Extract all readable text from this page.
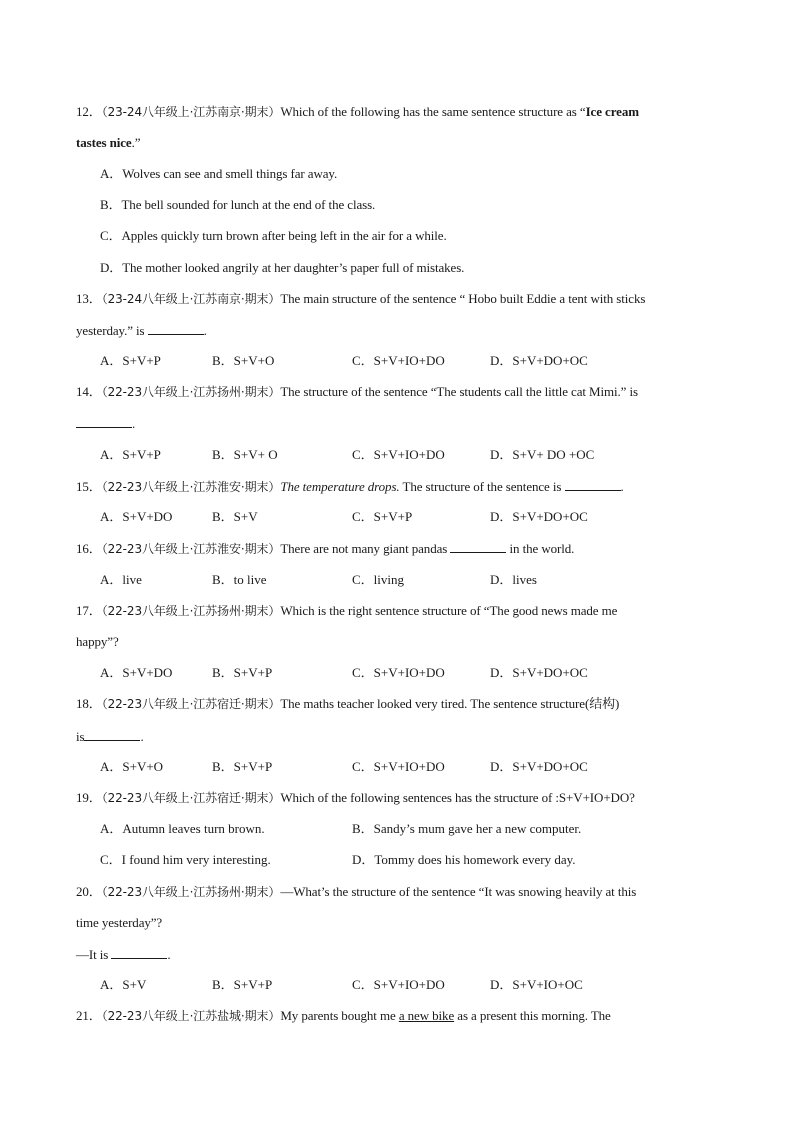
12．（23-24八年级上·江苏南京·期末）Which of the following has the same sentence structure as “Ice cream
tastes nice.”
A．Wolves can see and smell things far away.
B．The bell sounded for lunch at the end of the class.
C．Apples quickly turn brown after being left in the air for a while.
D．The mother looked angrily at her daughter’s paper full of mistakes.
13．（23-24八年级上·江苏南京·期末）The main structure of the sentence “ Hobo built Eddie a tent with sticks
yesterday.” is	.
A．S+V+P	B．S+V+O	C．S+V+IO+DO	D．S+V+DO+OC
14．（22-23八年级上·江苏扬州·期末）The structure of the sentence “The students call the little cat Mimi.” is
.
A．S+V+P	B．S+V+ O	C．S+V+IO+DO	D．S+V+ DO +OC
15．（22-23八年级上·江苏淮安·期末）The temperature drops. The structure of the sentence is	.
A．S+V+DO	B．S+V	C．S+V+P	D．S+V+DO+OC
16．（22-23八年级上·江苏淮安·期末）There are not many giant pandas	in the world.
A．live	B．to live	C．living	D．lives
17．（22-23八年级上·江苏扬州·期末）Which is the right sentence structure of “The good news made me
happy”?
A．S+V+DO	B．S+V+P	C．S+V+IO+DO	D．S+V+DO+OC
18．（22-23八年级上·江苏宿迁·期末）The maths teacher looked very tired. The sentence structure(结构)
is	.
A．S+V+O	B．S+V+P	C．S+V+IO+DO	D．S+V+DO+OC
19．（22-23八年级上·江苏宿迁·期末）Which of the following sentences has the structure of :S+V+IO+DO?
A．Autumn leaves turn brown.	B．Sandy’s mum gave her a new computer.
C．I found him very interesting.	D．Tommy does his homework every day.
20．（22-23八年级上·江苏扬州·期末）—What’s the structure of the sentence “It was snowing heavily at this
time yesterday”?
—It is	.
A．S+V	B．S+V+P	C．S+V+IO+DO	D．S+V+IO+OC
21．（22-23八年级上·江苏盐城·期末）My parents bought me a new bike as a present this morning. The
